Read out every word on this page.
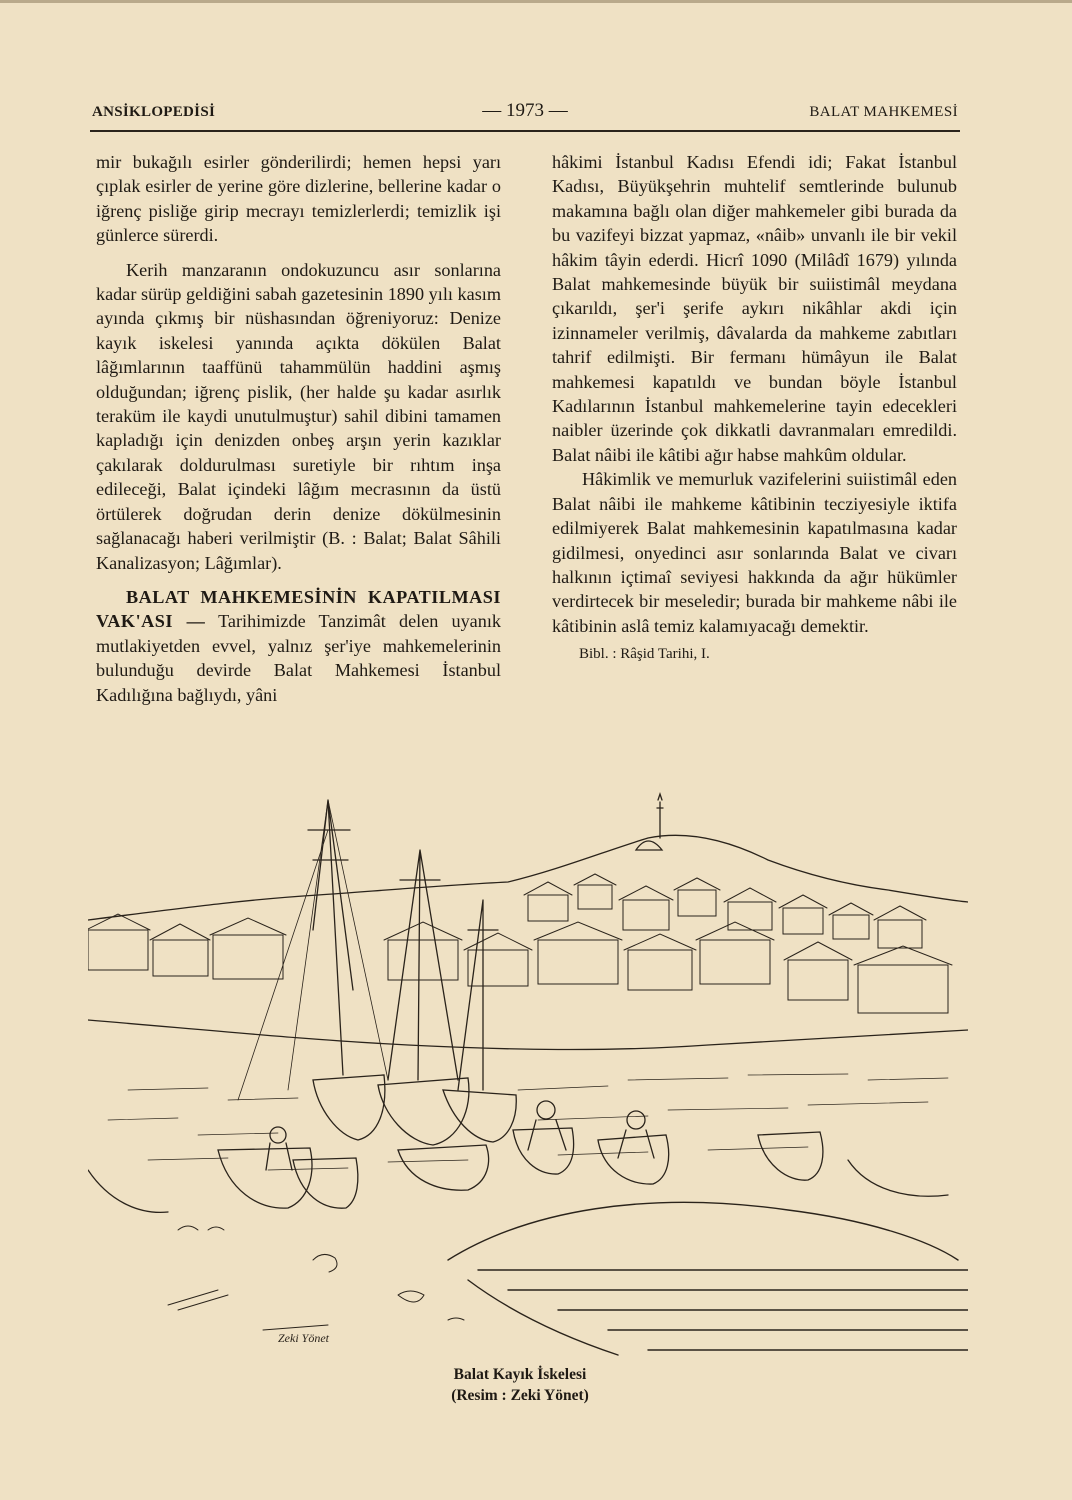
ANSİKLOPEDİSİ	— 1973 —	BALAT MAHKEMESİ

mir bukağılı esirler gönderilirdi; hemen hepsi yarı çıplak esirler de yerine göre dizlerine, bellerine kadar o iğrenç pisliğe girip mecrayı temizlerlerdi; temizlik işi günlerce sürerdi.

Kerih manzaranın ondokuzuncu asır sonlarına kadar sürüp geldiğini sabah gazetesinin 1890 yılı kasım ayında çıkmış bir nüshasından öğreniyoruz: Denize kayık iskelesi yanında açıkta dökülen Balat lâğımlarının taaffünü tahammülün haddini aşmış olduğundan; iğrenç pislik, (her halde şu kadar asırlık teraküm ile kaydi unutulmuştur) sahil dibini tamamen kapladığı için denizden onbeş arşın yerin kazıklar çakılarak doldurulması suretiyle bir rıhtım inşa edileceği, Balat içindeki lâğım mecrasının da üstü örtülerek doğrudan derin denize dökülmesinin sağlanacağı haberi verilmiştir (B. : Balat; Balat Sâhili Kanalizasyon; Lâğımlar).

BALAT MAHKEMESİNİN KAPATILMASI VAK'ASI — Tarihimizde Tanzimât delen uyanık mutlakiyetden evvel, yalnız şer'iye mahkemelerinin bulunduğu devirde Balat Mahkemesi İstanbul Kadılığına bağlıydı, yâni

hâkimi İstanbul Kadısı Efendi idi; Fakat İstanbul Kadısı, Büyükşehrin muhtelif semtlerinde bulunub makamına bağlı olan diğer mahkemeler gibi burada da bu vazifeyi bizzat yapmaz, «nâib» unvanlı ile bir vekil hâkim tâyin ederdi. Hicrî 1090 (Milâdî 1679) yılında Balat mahkemesinde büyük bir suiistimâl meydana çıkarıldı, şer'i şerife aykırı nikâhlar akdi için izinnameler verilmiş, dâvalarda da mahkeme zabıtları tahrif edilmişti. Bir fermanı hümâyun ile Balat mahkemesi kapatıldı ve bundan böyle İstanbul Kadılarının İstanbul mahkemelerine tayin edecekleri naibler üzerinde çok dikkatli davranmaları emredildi. Balat nâibi ile kâtibi ağır habse mahkûm oldular.

Hâkimlik ve memurluk vazifelerini suiistimâl eden Balat nâibi ile mahkeme kâtibinin tecziyesiyle iktifa edilmiyerek Balat mahkemesinin kapatılmasına kadar gidilmesi, onyedinci asır sonlarında Balat ve civarı halkının içtimaî seviyesi hakkında da ağır hükümler verdirtecek bir meseledir; burada bir mahkeme nâbi ile kâtibinin aslâ temiz kalamıyacağı demektir.

Bibl. : Râşid Tarihi, I.

Zeki Yönet
Balat Kayık İskelesi
(Resim : Zeki Yönet)
